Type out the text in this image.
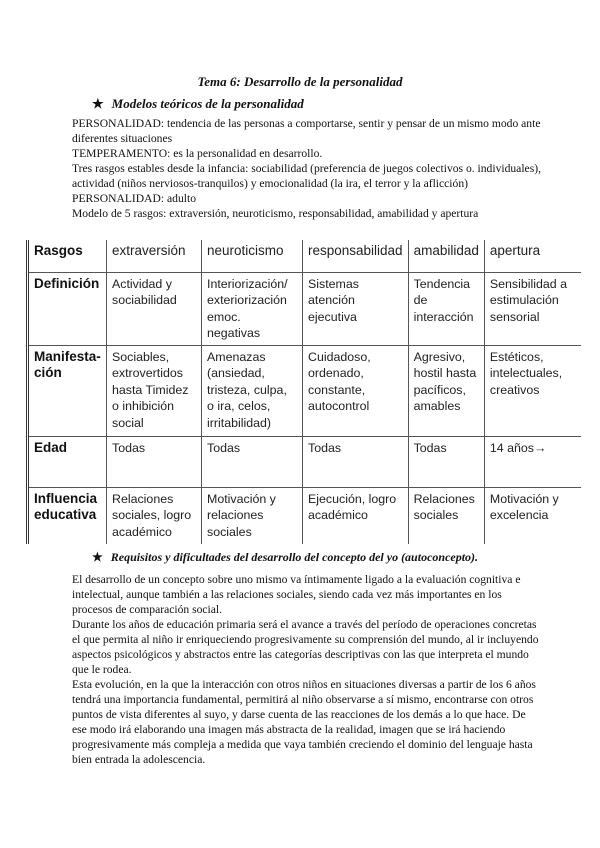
Tema 6: Desarrollo de la personalidad
★ Modelos teóricos de la personalidad

PERSONALIDAD: tendencia de las personas a comportarse, sentir y pensar de un mismo modo ante diferentes situaciones

TEMPERAMENTO: es la personalidad en desarrollo.

Tres rasgos estables desde la infancia: sociabilidad (preferencia de juegos colectivos o. individuales), actividad (niños nerviosos-tranquilos) y emocionalidad (la ira, el terror y la aflicción)

PERSONALIDAD: adulto

Modelo de 5 rasgos: extraversión, neuroticismo, responsabilidad, amabilidad y apertura

Rasgos	extraversión	neuroticismo	responsabilidad	amabilidad	apertura
Definición	Actividad y sociabilidad	Interiorización/ exteriorización emoc. negativas	Sistemas atención ejecutiva	Tendencia de interacción	Sensibilidad a estimulación sensorial
Manifesta-ción	Sociables, extrovertidos hasta Timidez o inhibición social	Amenazas (ansiedad, tristeza, culpa, o ira, celos, irritabilidad)	Cuidadoso, ordenado, constante, autocontrol	Agresivo, hostil hasta pacíficos, amables	Estéticos, intelectuales, creativos
Edad	Todas	Todas	Todas	Todas	14 años→
Influencia educativa	Relaciones sociales, logro académico	Motivación y relaciones sociales	Ejecución, logro académico	Relaciones sociales	Motivación y excelencia
★ Requisitos y dificultades del desarrollo del concepto del yo (autoconcepto).

El desarrollo de un concepto sobre uno mismo va íntimamente ligado a la evaluación cognitiva e intelectual, aunque también a las relaciones sociales, siendo cada vez más importantes en los procesos de comparación social.

Durante los años de educación primaria será el avance a través del período de operaciones concretas el que permita al niño ir enriqueciendo progresivamente su comprensión del mundo, al ir incluyendo aspectos psicológicos y abstractos entre las categorías descriptivas con las que interpreta el mundo que le rodea.

Esta evolución, en la que la interacción con otros niños en situaciones diversas a partir de los 6 años tendrá una importancia fundamental, permitirá al niño observarse a sí mismo, encontrarse con otros puntos de vista diferentes al suyo, y darse cuenta de las reacciones de los demás a lo que hace. De ese modo irá elaborando una imagen más abstracta de la realidad, imagen que se irá haciendo progresivamente más compleja a medida que vaya también creciendo el dominio del lenguaje hasta bien entrada la adolescencia.
